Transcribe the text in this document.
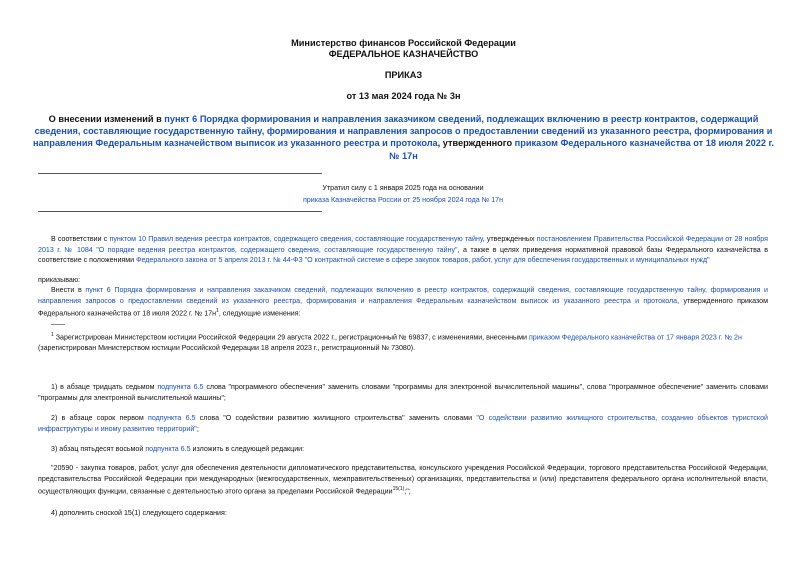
Министерство финансов Российской Федерации
ФЕДЕРАЛЬНОЕ КАЗНАЧЕЙСТВО
ПРИКАЗ
от 13 мая 2024 года № 3н
О внесении изменений в пункт 6 Порядка формирования и направления заказчиком сведений, подлежащих включению в реестр контрактов, содержащий сведения, составляющие государственную тайну, формирования и направления запросов о предоставлении сведений из указанного реестра, формирования и направления Федеральным казначейством выписок из указанного реестра и протокола, утвержденного приказом Федерального казначейства от 18 июля 2022 г. № 17н
Утратил силу с 1 января 2025 года на основании
приказа Казначейства России от 25 ноября 2024 года № 17н
В соответствии с пунктом 10 Правил ведения реестра контрактов, содержащего сведения, составляющие государственную тайну, утвержденных постановлением Правительства Российской Федерации от 28 ноября 2013 г. № 1084 "О порядке ведения реестра контрактов, содержащего сведения, составляющие государственную тайну", а также в целях приведения нормативной правовой базы Федерального казначейства в соответствие с положениями Федерального закона от 5 апреля 2013 г. № 44-ФЗ "О контрактной системе в сфере закупок товаров, работ, услуг для обеспечения государственных и муниципальных нужд"
приказываю:
Внести в пункт 6 Порядка формирования и направления заказчиком сведений, подлежащих включению в реестр контрактов, содержащий сведения, составляющие государственную тайну, формирования и направления запросов о предоставлении сведений из указанного реестра, формирования и направления Федеральным казначейством выписок из указанного реестра и протокола, утвержденного приказом Федерального казначейства от 18 июля 2022 г. № $17н^1$, следующие изменения:
$^1$ Зарегистрирован Министерством юстиции Российской Федерации 29 августа 2022 г., регистрационный № 69837, с изменениями, внесенными приказом Федерального казначейства от 17 января 2023 г. № 2н (зарегистрирован Министерством юстиции Российской Федерации 18 апреля 2023 г., регистрационный № 73080).
1) в абзаце тридцать седьмом подпункта 6.5 слова "программного обеспечения" заменить словами "программы для электронной вычислительной машины", слова "программное обеспечение" заменить словами "программы для электронной вычислительной машины";
2) в абзаце сорок первом подпункта 6.5 слова "О содействии развитию жилищного строительства" заменить словами "О содействии развитию жилищного строительства, созданию объектов туристской инфраструктуры и иному развитию территорий";
3) абзац пятьдесят восьмой подпункта 6.5 изложить в следующей редакции:
"20590 - закупка товаров, работ, услуг для обеспечения деятельности дипломатического представительства, консульского учреждения Российской Федерации, торгового представительства Российской Федерации, представительства Российской Федерации при международных (межгосударственных, межправительственных) организациях, представительства и (или) представителя федерального органа исполнительной власти, осуществляющих функции, связанные с деятельностью этого органа за пределами Российской Федерации$^{15(1)}$;";
4) дополнить сноской 15(1) следующего содержания:
